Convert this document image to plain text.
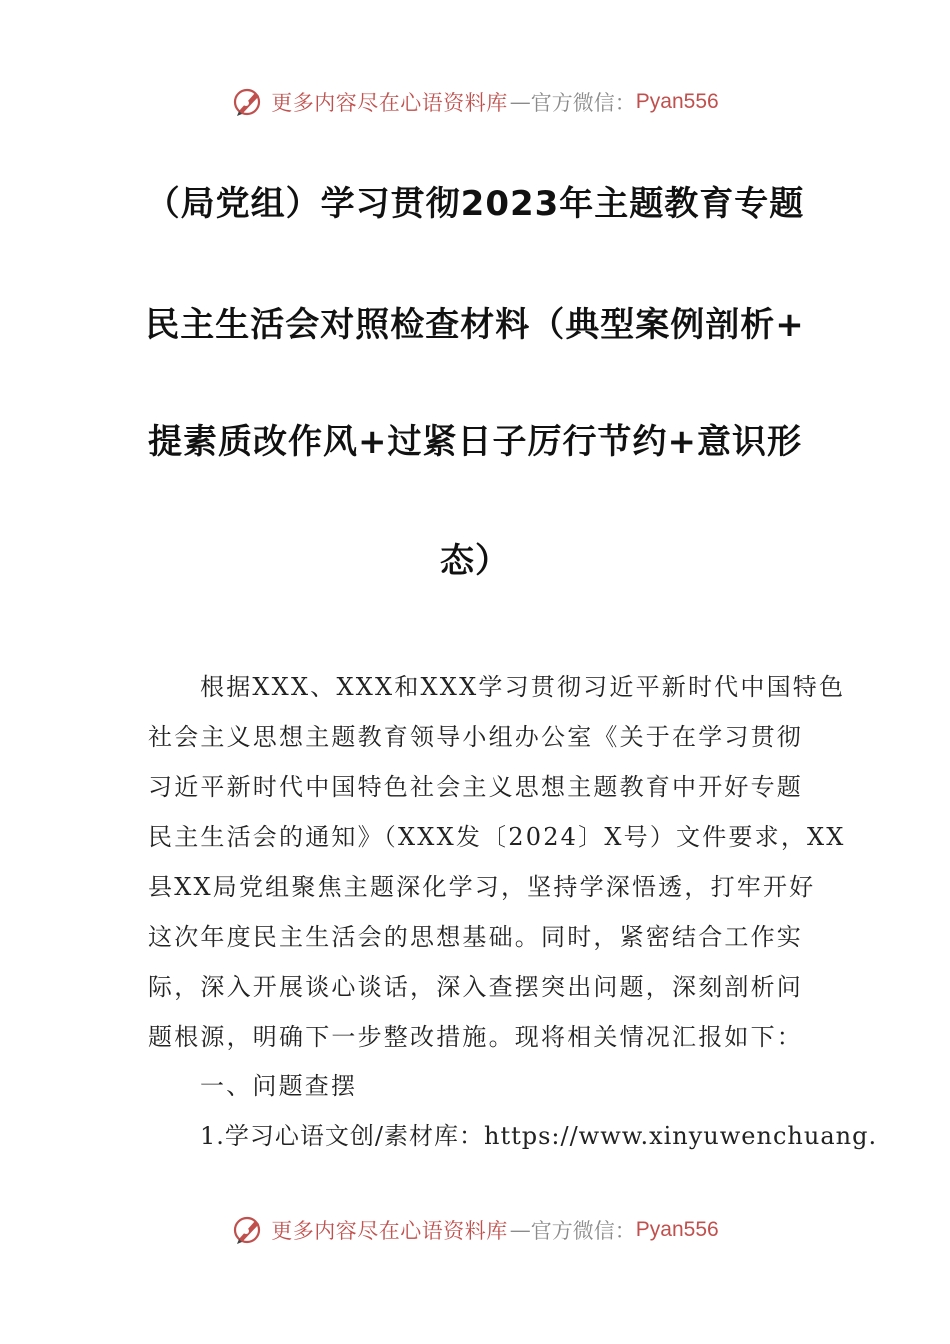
更多内容尽在心语资料库 — 官方微信： Pyan556
（局党组）学习贯彻2023年主题教育专题
民主生活会对照检查材料（典型案例剖析+
提素质改作风+过紧日子厉行节约+意识形
态）
根据XXX、XXX和XXX学习贯彻习近平新时代中国特色
社会主义思想主题教育领导小组办公室《关于在学习贯彻
习近平新时代中国特色社会主义思想主题教育中开好专题
民主生活会的通知》（XXX发〔2024〕X号）文件要求，XX
县XX局党组聚焦主题深化学习，坚持学深悟透，打牢开好
这次年度民主生活会的思想基础。同时，紧密结合工作实
际，深入开展谈心谈话，深入查摆突出问题，深刻剖析问
题根源，明确下一步整改措施。现将相关情况汇报如下：
一、问题查摆
1.学习心语文创/素材库：https://www.xinyuwenchuang.
更多内容尽在心语资料库 — 官方微信： Pyan556
